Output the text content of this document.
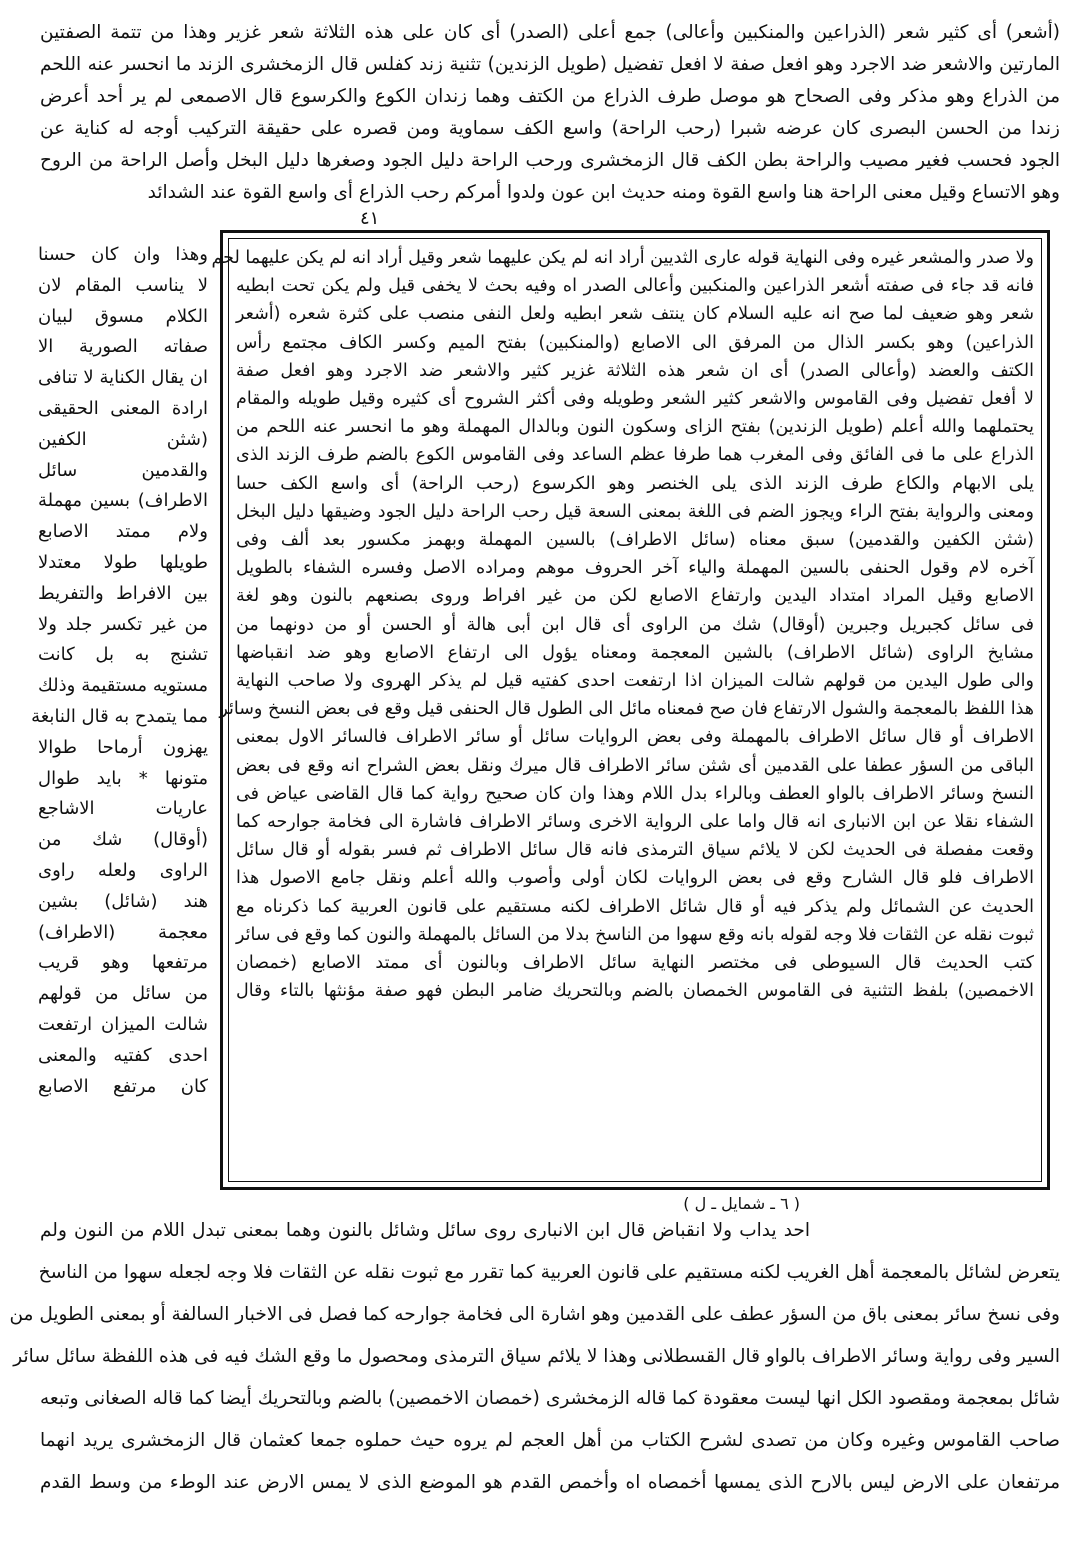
(أشعر) أى كثير شعر (الذراعين والمنكبين وأعالى) جمع أعلى (الصدر) أى كان على هذه الثلاثة شعر غزير وهذا من تتمة الصفتين
المارتين والاشعر ضد الاجرد وهو افعل صفة لا افعل تفضيل (طويل الزندين) تثنية زند كفلس قال الزمخشرى الزند ما انحسر عنه اللحم
من الذراع وهو مذكر وفى الصحاح هو موصل طرف الذراع من الكتف وهما زندان الكوع والكرسوع قال الاصمعى لم ير أحد أعرض
زندا من الحسن البصرى كان عرضه شبرا (رحب الراحة) واسع الكف سماوية ومن قصره على حقيقة التركيب أوجه له كناية عن
الجود فحسب فغير مصيب والراحة بطن الكف قال الزمخشرى ورحب الراحة دليل الجود وصغرها دليل البخل وأصل الراحة من الروح
وهو الاتساع وقيل معنى الراحة هنا واسع القوة ومنه حديث ابن عون ولدوا أمركم رحب الذراع أى واسع القوة عند الشدائد
٤١
ولا صدر والمشعر غيره وفى النهاية قوله عارى الثديين أراد انه لم يكن عليهما شعر وقيل أراد انه لم يكن عليهما لحم
فانه قد جاء فى صفته أشعر الذراعين والمنكبين وأعالى الصدر اه وفيه بحث لا يخفى قيل ولم يكن تحت ابطيه
شعر وهو ضعيف لما صح انه عليه السلام كان ينتف شعر ابطيه ولعل النفى منصب على كثرة شعره (أشعر
الذراعين) وهو بكسر الذال من المرفق الى الاصابع (والمنكبين) بفتح الميم وكسر الكاف مجتمع رأس
الكتف والعضد (وأعالى الصدر) أى ان شعر هذه الثلاثة غزير كثير والاشعر ضد الاجرد وهو افعل صفة
لا أفعل تفضيل وفى القاموس والاشعر كثير الشعر وطويله وفى أكثر الشروح أى كثيره وقيل طويله والمقام
يحتملهما والله أعلم (طويل الزندين) بفتح الزاى وسكون النون وبالدال المهملة وهو ما انحسر عنه اللحم من
الذراع على ما فى الفائق وفى المغرب هما طرفا عظم الساعد وفى القاموس الكوع بالضم طرف الزند الذى
يلى الابهام والكاع طرف الزند الذى يلى الخنصر وهو الكرسوع (رحب الراحة) أى واسع الكف حسا
ومعنى والرواية بفتح الراء ويجوز الضم فى اللغة بمعنى السعة قيل رحب الراحة دليل الجود وضيقها دليل البخل
(شثن الكفين والقدمين) سبق معناه (سائل الاطراف) بالسين المهملة وبهمز مكسور بعد ألف وفى
آخره لام وقول الحنفى بالسين المهملة والياء آخر الحروف موهم ومراده الاصل وفسره الشفاء بالطويل
الاصابع وقيل المراد امتداد اليدين وارتفاع الاصابع لكن من غير افراط وروى بصنعهم بالنون وهو لغة
فى سائل كجبريل وجبرين (أوقال) شك من الراوى أى قال ابن أبى هالة أو الحسن أو من دونهما من
مشايخ الراوى (شائل الاطراف) بالشين المعجمة ومعناه يؤول الى ارتفاع الاصابع وهو ضد انقباضها
والى طول اليدين من قولهم شالت الميزان اذا ارتفعت احدى كفتيه قيل لم يذكر الهروى ولا صاحب النهاية
هذا اللفظ بالمعجمة والشول الارتفاع فان صح فمعناه مائل الى الطول قال الحنفى قيل وقع فى بعض النسخ وسائر
الاطراف أو قال سائل الاطراف بالمهملة وفى بعض الروايات سائل أو سائر الاطراف فالسائر الاول بمعنى
الباقى من السؤر عطفا على القدمين أى شثن سائر الاطراف قال ميرك ونقل بعض الشراح انه وقع فى بعض
النسخ وسائر الاطراف بالواو العطف وبالراء بدل اللام وهذا وان كان صحيح رواية كما قال القاضى عياض فى
الشفاء نقلا عن ابن الانبارى انه قال واما على الرواية الاخرى وسائر الاطراف فاشارة الى فخامة جوارحه كما
وقعت مفصلة فى الحديث لكن لا يلائم سياق الترمذى فانه قال سائل الاطراف ثم فسر بقوله أو قال سائل
الاطراف فلو قال الشارح وقع فى بعض الروايات لكان أولى وأصوب والله أعلم ونقل جامع الاصول هذا
الحديث عن الشمائل ولم يذكر فيه أو قال شائل الاطراف لكنه مستقيم على قانون العربية كما ذكرناه مع
ثبوت نقله عن الثقات فلا وجه لقوله بانه وقع سهوا من الناسخ بدلا من السائل بالمهملة والنون كما وقع فى سائر
كتب الحديث قال السيوطى فى مختصر النهاية سائل الاطراف وبالنون أى ممتد الاصابع (خمصان
الاخمصين) بلفظ التثنية فى القاموس الخمصان بالضم وبالتحريك ضامر البطن فهو صفة مؤنثها بالتاء وقال
وهذا وان كان حسنا
لا يناسب المقام لان
الكلام مسوق لبيان
صفاته الصورية الا
ان يقال الكناية لا تنافى
ارادة المعنى الحقيقى
(شثن الكفين
والقدمين سائل
الاطراف) بسين مهملة
ولام ممتد الاصابع
طويلها طولا معتدلا
بين الافراط والتفريط
من غير تكسر جلد ولا
تشنج به بل كانت
مستويه مستقيمة وذلك
مما يتمدح به قال النابغة
يهزون أرماحا طوالا
متونها * بايد طوال
عاريات الاشاجع
(أوقال) شك من
الراوى ولعله راوى
هند (شائل) بشين
معجمة (الاطراف)
مرتفعها وهو قريب
من سائل من قولهم
شالت الميزان ارتفعت
احدى كفتيه والمعنى
كان مرتفع الاصابع
( ٦ ـ شمايل ـ ل )
احد يداب ولا انقباض قال ابن الانبارى روى سائل وشائل بالنون وهما بمعنى تبدل اللام من النون ولم
يتعرض لشائل بالمعجمة أهل الغريب لكنه مستقيم على قانون العربية كما تقرر مع ثبوت نقله عن الثقات فلا وجه لجعله سهوا من الناسخ
وفى نسخ سائر بمعنى باق من السؤر عطف على القدمين وهو اشارة الى فخامة جوارحه كما فصل فى الاخبار السالفة أو بمعنى الطويل من
السير وفى رواية وسائر الاطراف بالواو قال القسطلانى وهذا لا يلائم سياق الترمذى ومحصول ما وقع الشك فيه فى هذه اللفظة سائل سائر
شائل بمعجمة ومقصود الكل انها ليست معقودة كما قاله الزمخشرى (خمصان الاخمصين) بالضم وبالتحريك أيضا كما قاله الصغانى وتبعه
صاحب القاموس وغيره وكان من تصدى لشرح الكتاب من أهل العجم لم يروه حيث حملوه جمعا كعثمان قال الزمخشرى يريد انهما
مرتفعان على الارض ليس بالارح الذى يمسها أخمصاه اه وأخمص القدم هو الموضع الذى لا يمس الارض عند الوطء من وسط القدم
